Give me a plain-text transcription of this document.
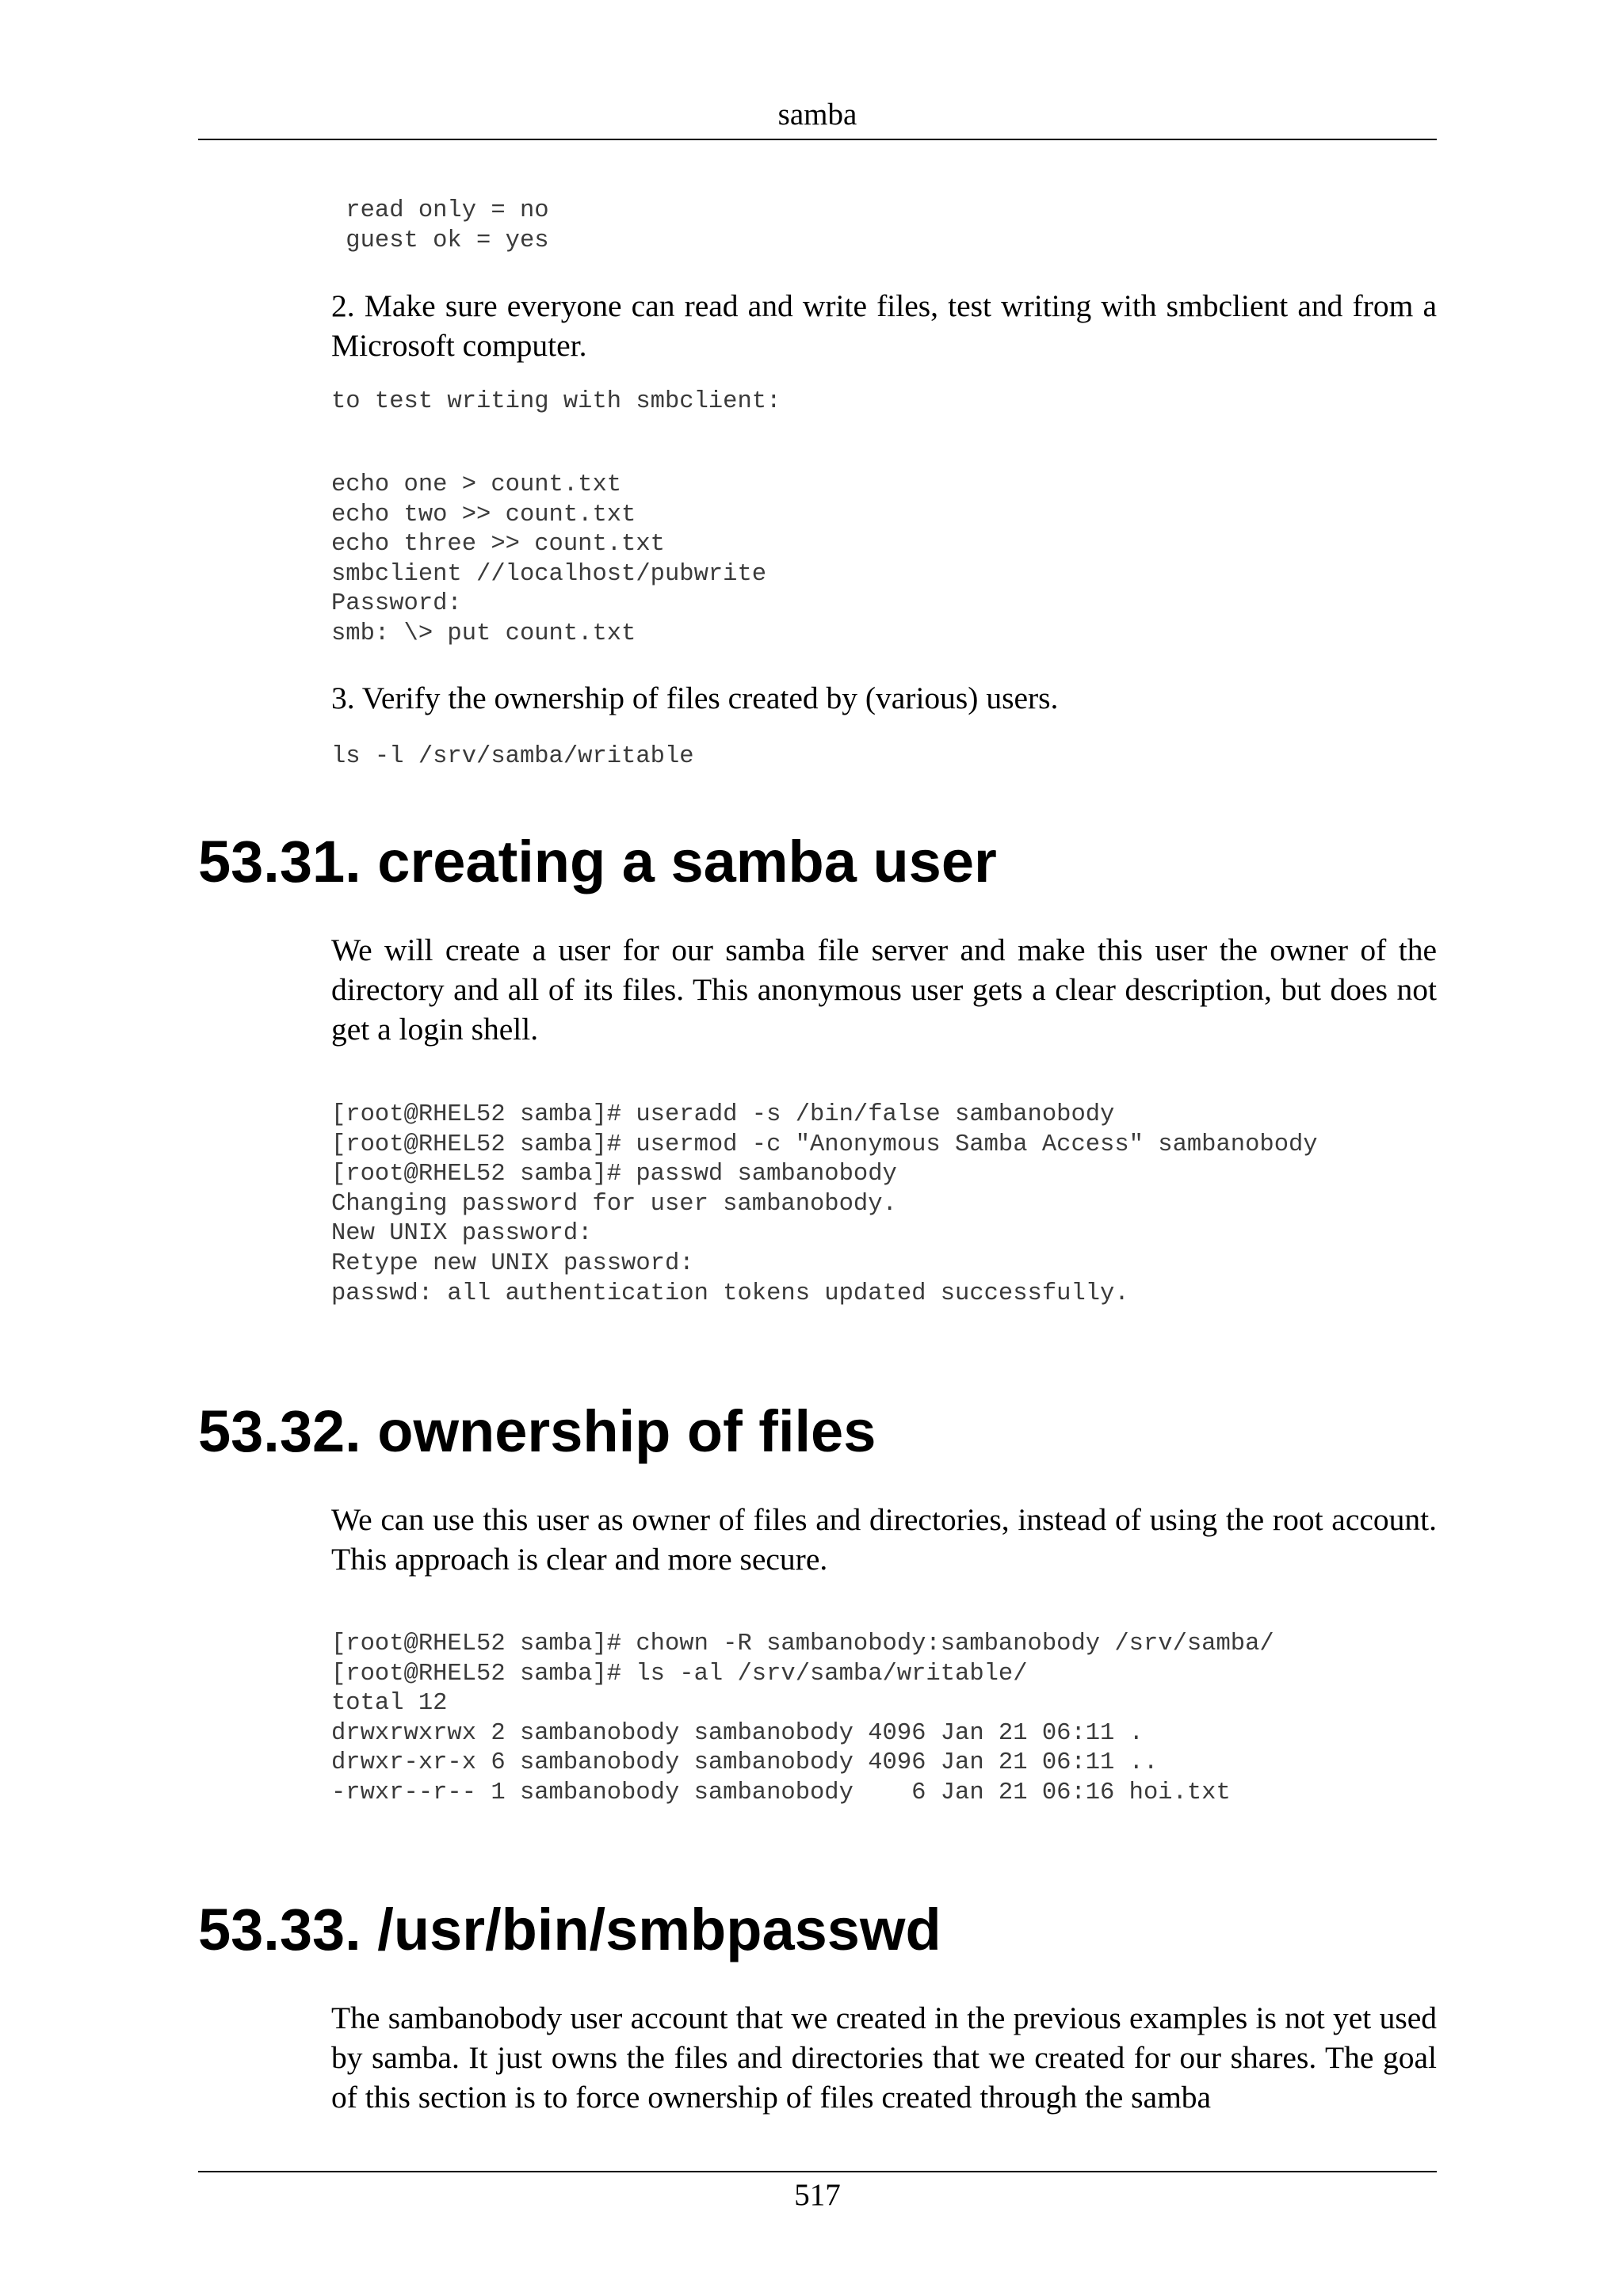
samba
read only = no
guest ok = yes

2. Make sure everyone can read and write files, test writing with smbclient and from a Microsoft computer.

to test writing with smbclient:
echo one > count.txt
echo two >> count.txt
echo three >> count.txt
smbclient //localhost/pubwrite
Password:
smb: \> put count.txt

3. Verify the ownership of files created by (various) users.

ls -l /srv/samba/writable
53.31. creating a samba user

We will create a user for our samba file server and make this user the owner of the directory and all of its files. This anonymous user gets a clear description, but does not get a login shell.

[root@RHEL52 samba]# useradd -s /bin/false sambanobody
[root@RHEL52 samba]# usermod -c "Anonymous Samba Access" sambanobody
[root@RHEL52 samba]# passwd sambanobody
Changing password for user sambanobody.
New UNIX password:
Retype new UNIX password:
passwd: all authentication tokens updated successfully.
53.32. ownership of files

We can use this user as owner of files and directories, instead of using the root account. This approach is clear and more secure.

[root@RHEL52 samba]# chown -R sambanobody:sambanobody /srv/samba/
[root@RHEL52 samba]# ls -al /srv/samba/writable/
total 12
drwxrwxrwx 2 sambanobody sambanobody 4096 Jan 21 06:11 .
drwxr-xr-x 6 sambanobody sambanobody 4096 Jan 21 06:11 ..
-rwxr--r-- 1 sambanobody sambanobody    6 Jan 21 06:16 hoi.txt
53.33. /usr/bin/smbpasswd

The sambanobody user account that we created in the previous examples is not yet used by samba. It just owns the files and directories that we created for our shares. The goal of this section is to force ownership of files created through the samba

517
